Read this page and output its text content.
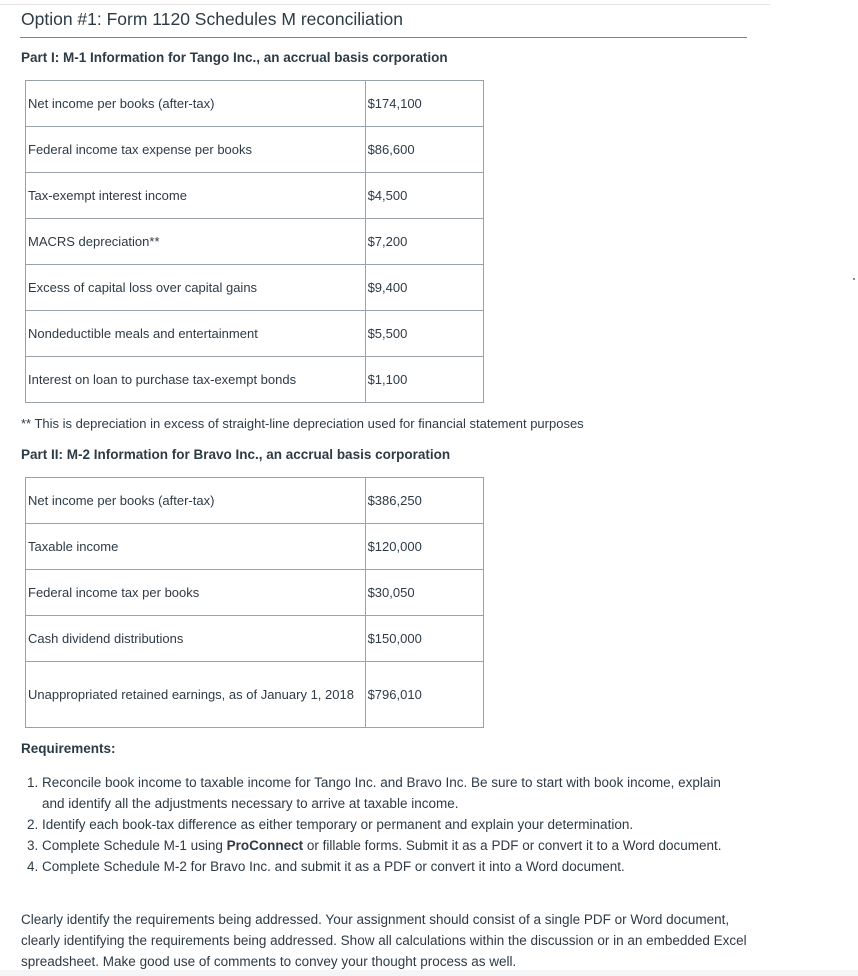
Option #1: Form 1120 Schedules M reconciliation

Part I: M-1 Information for Tango Inc., an accrual basis corporation

Net income per books (after-tax)	$174,100
Federal income tax expense per books	$86,600
Tax-exempt interest income	$4,500
MACRS depreciation**	$7,200
Excess of capital loss over capital gains	$9,400
Nondeductible meals and entertainment	$5,500
Interest on loan to purchase tax-exempt bonds	$1,100

** This is depreciation in excess of straight-line depreciation used for financial statement purposes

Part II: M-2 Information for Bravo Inc., an accrual basis corporation

Net income per books (after-tax)	$386,250
Taxable income	$120,000
Federal income tax per books	$30,050
Cash dividend distributions	$150,000
Unappropriated retained earnings, as of January 1, 2018	$796,010

Requirements:

1. Reconcile book income to taxable income for Tango Inc. and Bravo Inc. Be sure to start with book income, explain and identify all the adjustments necessary to arrive at taxable income.
2. Identify each book-tax difference as either temporary or permanent and explain your determination.
3. Complete Schedule M-1 using ProConnect or fillable forms. Submit it as a PDF or convert it to a Word document.
4. Complete Schedule M-2 for Bravo Inc. and submit it as a PDF or convert it into a Word document.

Clearly identify the requirements being addressed. Your assignment should consist of a single PDF or Word document, clearly identifying the requirements being addressed. Show all calculations within the discussion or in an embedded Excel spreadsheet. Make good use of comments to convey your thought process as well.
